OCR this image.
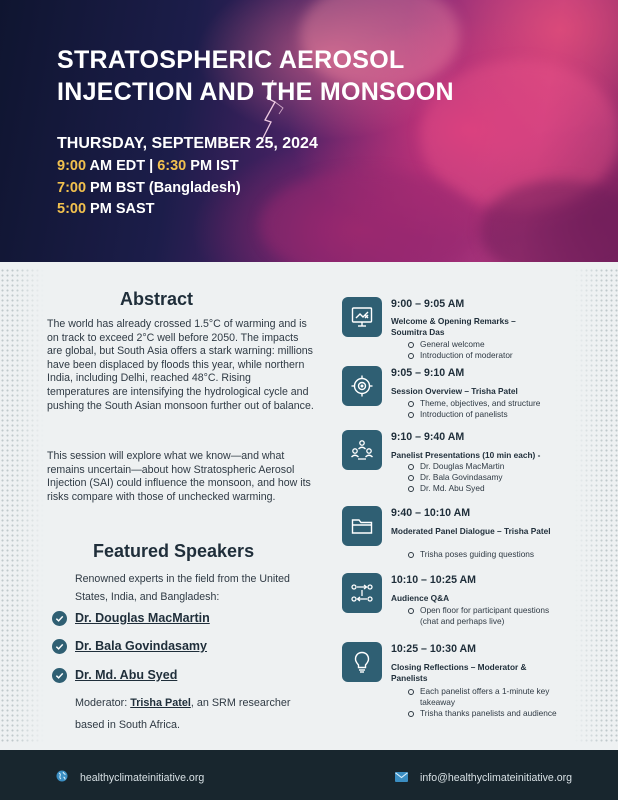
STRATOSPHERIC AEROSOL
INJECTION AND THE MONSOON
THURSDAY, SEPTEMBER 25, 2024
9:00 AM EDT | 6:30 PM IST
7:00 PM BST (Bangladesh)
5:00 PM SAST
Abstract

The world has already crossed 1.5°C of warming and is on track to exceed 2°C well before 2050. The impacts are global, but South Asia offers a stark warning: millions have been displaced by floods this year, while northern India, including Delhi, reached 48°C. Rising temperatures are intensifying the hydrological cycle and pushing the South Asian monsoon further out of balance.

This session will explore what we know—and what remains uncertain—about how Stratospheric Aerosol Injection (SAI) could influence the monsoon, and how its risks compare with those of unchecked warming.

Featured Speakers

Renowned experts in the field from the United States, India, and Bangladesh:

Dr. Douglas MacMartin
Dr. Bala Govindasamy
Dr. Md. Abu Syed

Moderator: Trisha Patel, an SRM researcher based in South Africa.

9:00 – 9:05 AM
Welcome & Opening Remarks – Soumitra Das
General welcome
Introduction of moderator
9:05 – 9:10 AM
Session Overview – Trisha Patel
Theme, objectives, and structure
Introduction of panelists
9:10 – 9:40 AM
Panelist Presentations (10 min each) -
Dr. Douglas MacMartin
Dr. Bala Govindasamy
Dr. Md. Abu Syed
9:40 – 10:10 AM
Moderated Panel Dialogue – Trisha Patel
Trisha poses guiding questions
10:10 – 10:25 AM
Audience Q&A
Open floor for participant questions (chat and perhaps live)
10:25 – 10:30 AM
Closing Reflections – Moderator & Panelists
Each panelist offers a 1-minute key takeaway
Trisha thanks panelists and audience
healthyclimateinitiative.org	info@healthyclimateinitiative.org
